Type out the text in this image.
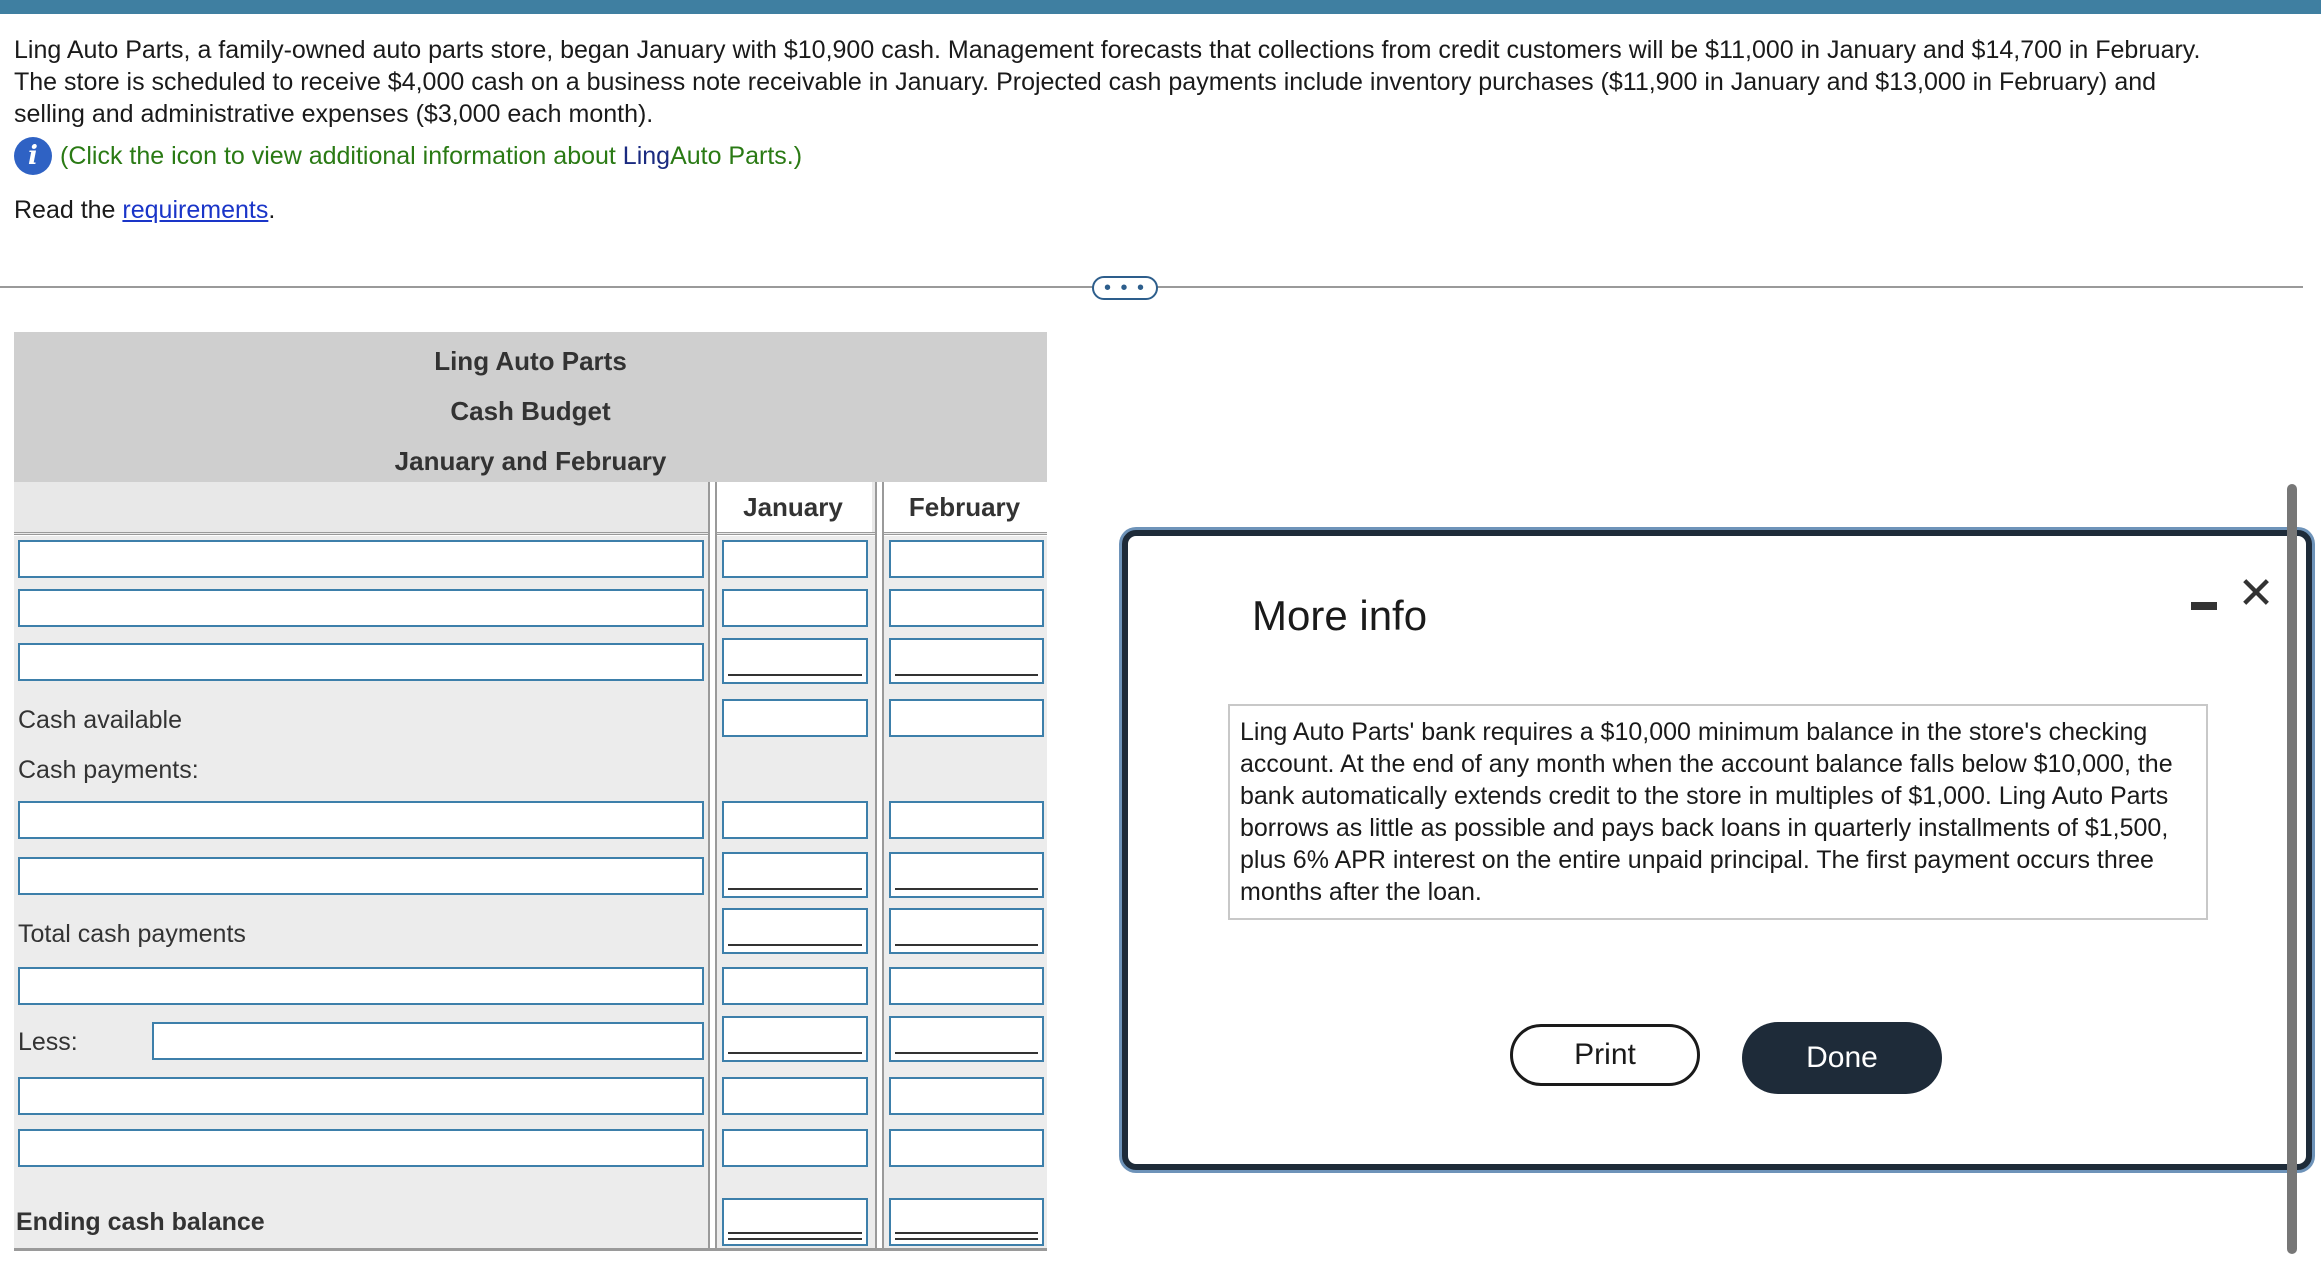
Ling Auto Parts, a family-owned auto parts store, began January with $10,900 cash. Management forecasts that collections from credit customers will be $11,000 in January and $14,700 in February. The store is scheduled to receive $4,000 cash on a business note receivable in January. Projected cash payments include inventory purchases ($11,900 in January and $13,000 in February) and selling and administrative expenses ($3,000 each month).
i (Click the icon to view additional information about LingAuto Parts.)
Read the requirements.
• • •
Ling Auto Parts
Cash Budget
January and February
January	February
Cash available
Cash payments:
Total cash payments
Less:
Ending cash balance
More info	✕
Ling Auto Parts' bank requires a $10,000 minimum balance in the store's checking account. At the end of any month when the account balance falls below $10,000, the bank automatically extends credit to the store in multiples of $1,000. Ling Auto Parts borrows as little as possible and pays back loans in quarterly installments of $1,500, plus 6% APR interest on the entire unpaid principal. The first payment occurs three months after the loan.
Print	Done
